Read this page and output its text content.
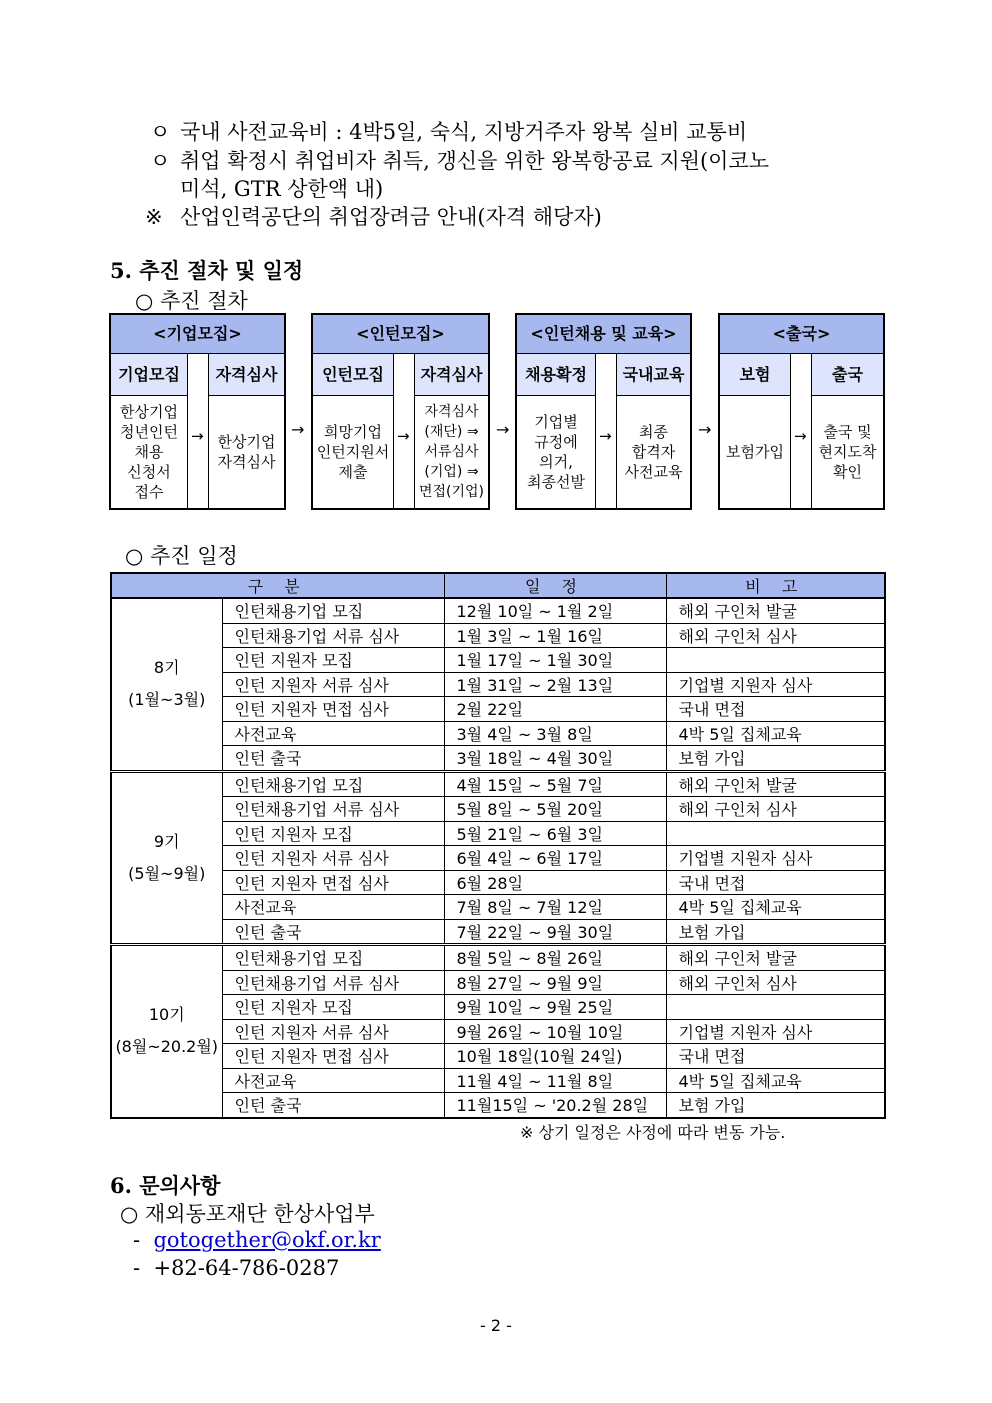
ㅇ 국내 사전교육비 : 4박5일, 숙식, 지방거주자 왕복 실비 교통비
ㅇ 취업 확정시 취업비자 취득, 갱신을 위한 왕복항공료 지원(이코노
미석, GTR 상한액 내)
※ 산업인력공단의 취업장려금 안내(자격 해당자)
5. 추진 절차 및 일정
○ 추진 절차
<기업모집>
기업모집	자격심사
한상기업
청년인턴
채용
신청서
접수
한상기업
자격심사
→	→
<인턴모집>
인턴모집	자격심사
희망기업
인턴지원서
제출
자격심사
(재단) ⇒
서류심사
(기업) ⇒
면접(기업)
→	→
<인턴채용 및 교육>
채용확정	국내교육
기업별
규정에
의거,
최종선발
최종
합격자
사전교육
→	→
<출국>
보험	출국
보험가입
출국 및
현지도착
확인
→
○ 추진 일정
구 분		일 정	비 고
8기
(1월~3월)	인턴채용기업 모집	12월 10일 ~ 1월 2일	해외 구인처 발굴
	인턴채용기업 서류 심사	1월 3일 ~ 1월 16일	해외 구인처 심사
	인턴 지원자 모집	1월 17일 ~ 1월 30일	
	인턴 지원자 서류 심사	1월 31일 ~ 2월 13일	기업별 지원자 심사
	인턴 지원자 면접 심사	2월 22일	국내 면접
	사전교육	3월 4일 ~ 3월 8일	4박 5일 집체교육
	인턴 출국	3월 18일 ~ 4월 30일	보험 가입
9기
(5월~9월)	인턴채용기업 모집	4월 15일 ~ 5월 7일	해외 구인처 발굴
	인턴채용기업 서류 심사	5월 8일 ~ 5월 20일	해외 구인처 심사
	인턴 지원자 모집	5월 21일 ~ 6월 3일	
	인턴 지원자 서류 심사	6월 4일 ~ 6월 17일	기업별 지원자 심사
	인턴 지원자 면접 심사	6월 28일	국내 면접
	사전교육	7월 8일 ~ 7월 12일	4박 5일 집체교육
	인턴 출국	7월 22일 ~ 9월 30일	보험 가입
10기
(8월~20.2월)	인턴채용기업 모집	8월 5일 ~ 8월 26일	해외 구인처 발굴
	인턴채용기업 서류 심사	8월 27일 ~ 9월 9일	해외 구인처 심사
	인턴 지원자 모집	9월 10일 ~ 9월 25일	
	인턴 지원자 서류 심사	9월 26일 ~ 10월 10일	기업별 지원자 심사
	인턴 지원자 면접 심사	10월 18일(10월 24일)	국내 면접
	사전교육	11월 4일 ~ 11월 8일	4박 5일 집체교육
	인턴 출국	11월15일 ~ '20.2월 28일	보험 가입
※ 상기 일정은 사정에 따라 변동 가능.
6. 문의사항
○ 재외동포재단 한상사업부
- gotogether@okf.or.kr
- +82-64-786-0287
- 2 -
